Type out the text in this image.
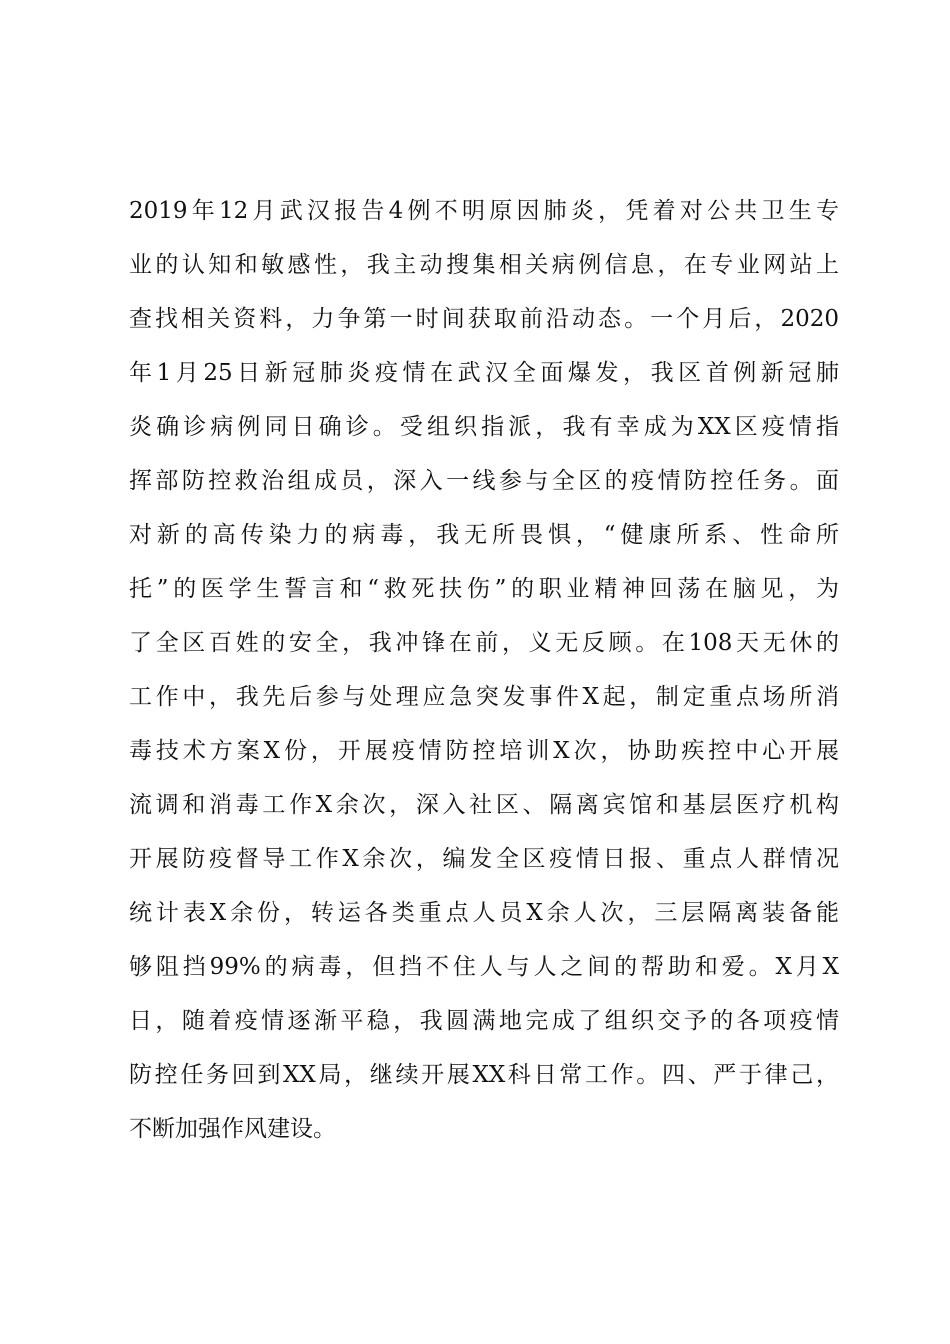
2019年12月武汉报告4例不明原因肺炎，凭着对公共卫生专
业的认知和敏感性，我主动搜集相关病例信息，在专业网站上
查找相关资料，力争第一时间获取前沿动态。一个月后，2020
年1月25日新冠肺炎疫情在武汉全面爆发，我区首例新冠肺
炎确诊病例同日确诊。受组织指派，我有幸成为XX区疫情指
挥部防控救治组成员，深入一线参与全区的疫情防控任务。面
对新的高传染力的病毒，我无所畏惧，“健康所系、性命所
托”的医学生誓言和“救死扶伤”的职业精神回荡在脑见，为
了全区百姓的安全，我冲锋在前，义无反顾。在108天无休的
工作中，我先后参与处理应急突发事件X起，制定重点场所消
毒技术方案X份，开展疫情防控培训X次，协助疾控中心开展
流调和消毒工作X余次，深入社区、隔离宾馆和基层医疗机构
开展防疫督导工作X余次，编发全区疫情日报、重点人群情况
统计表X余份，转运各类重点人员X余人次，三层隔离装备能
够阻挡99%的病毒，但挡不住人与人之间的帮助和爱。X月X
日，随着疫情逐渐平稳，我圆满地完成了组织交予的各项疫情
防控任务回到XX局，继续开展XX科日常工作。四、严于律己，
不断加强作风建设。
